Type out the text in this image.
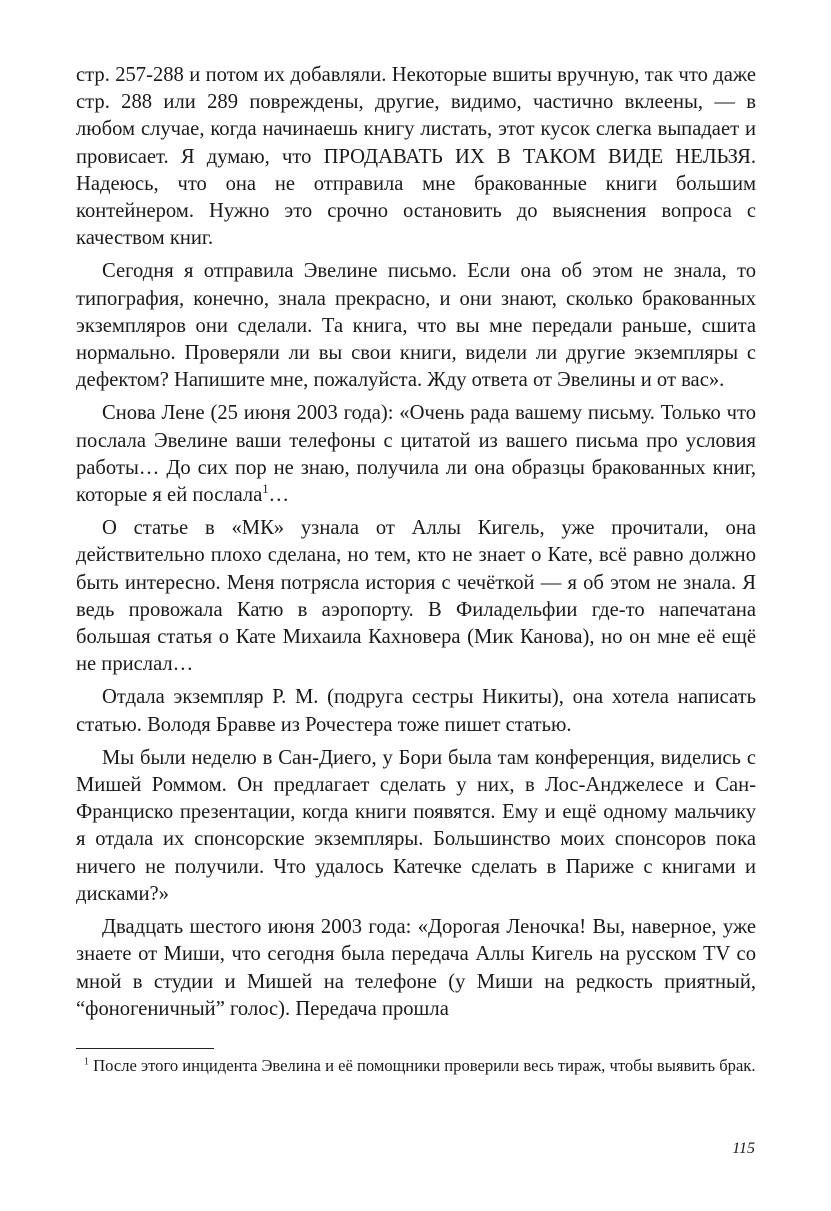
стр. 257-288 и потом их добавляли. Некоторые вшиты вручную, так что даже стр. 288 или 289 повреждены, другие, видимо, частично вклеены, — в любом случае, когда начинаешь книгу листать, этот кусок слегка выпадает и провисает. Я думаю, что ПРОДАВАТЬ ИХ В ТАКОМ ВИДЕ НЕЛЬЗЯ. Надеюсь, что она не отправила мне бракованные книги большим контейнером. Нужно это срочно остановить до выяснения вопроса с качеством книг.

Сегодня я отправила Эвелине письмо. Если она об этом не знала, то типография, конечно, знала прекрасно, и они знают, сколько бракованных экземпляров они сделали. Та книга, что вы мне передали раньше, сшита нормально. Проверяли ли вы свои книги, видели ли другие экземпляры с дефектом? Напишите мне, пожалуйста. Жду ответа от Эвелины и от вас».

Снова Лене (25 июня 2003 года): «Очень рада вашему письму. Только что послала Эвелине ваши телефоны с цитатой из вашего письма про условия работы… До сих пор не знаю, получила ли она образцы бракованных книг, которые я ей послала$^1$…

О статье в «МК» узнала от Аллы Кигель, уже прочитали, она действительно плохо сделана, но тем, кто не знает о Кате, всё равно должно быть интересно. Меня потрясла история с чечёткой — я об этом не знала. Я ведь провожала Катю в аэропорту. В Филадельфии где-то напечатана большая статья о Кате Михаила Кахновера (Мик Канова), но он мне её ещё не прислал…

Отдала экземпляр Р. М. (подруга сестры Никиты), она хотела написать статью. Володя Бравве из Рочестера тоже пишет статью.

Мы были неделю в Сан-Диего, у Бори была там конференция, виделись с Мишей Роммом. Он предлагает сделать у них, в Лос-Анджелесе и Сан-Франциско презентации, когда книги появятся. Ему и ещё одному мальчику я отдала их спонсорские экземпляры. Большинство моих спонсоров пока ничего не получили. Что удалось Катечке сделать в Париже с книгами и дисками?»

Двадцать шестого июня 2003 года: «Дорогая Леночка! Вы, наверное, уже знаете от Миши, что сегодня была передача Аллы Кигель на русском TV со мной в студии и Мишей на телефоне (у Миши на редкость приятный, “фоногеничный” голос). Передача прошла

$^1$ После этого инцидента Эвелина и её помощники проверили весь тираж, чтобы выявить брак.
115
